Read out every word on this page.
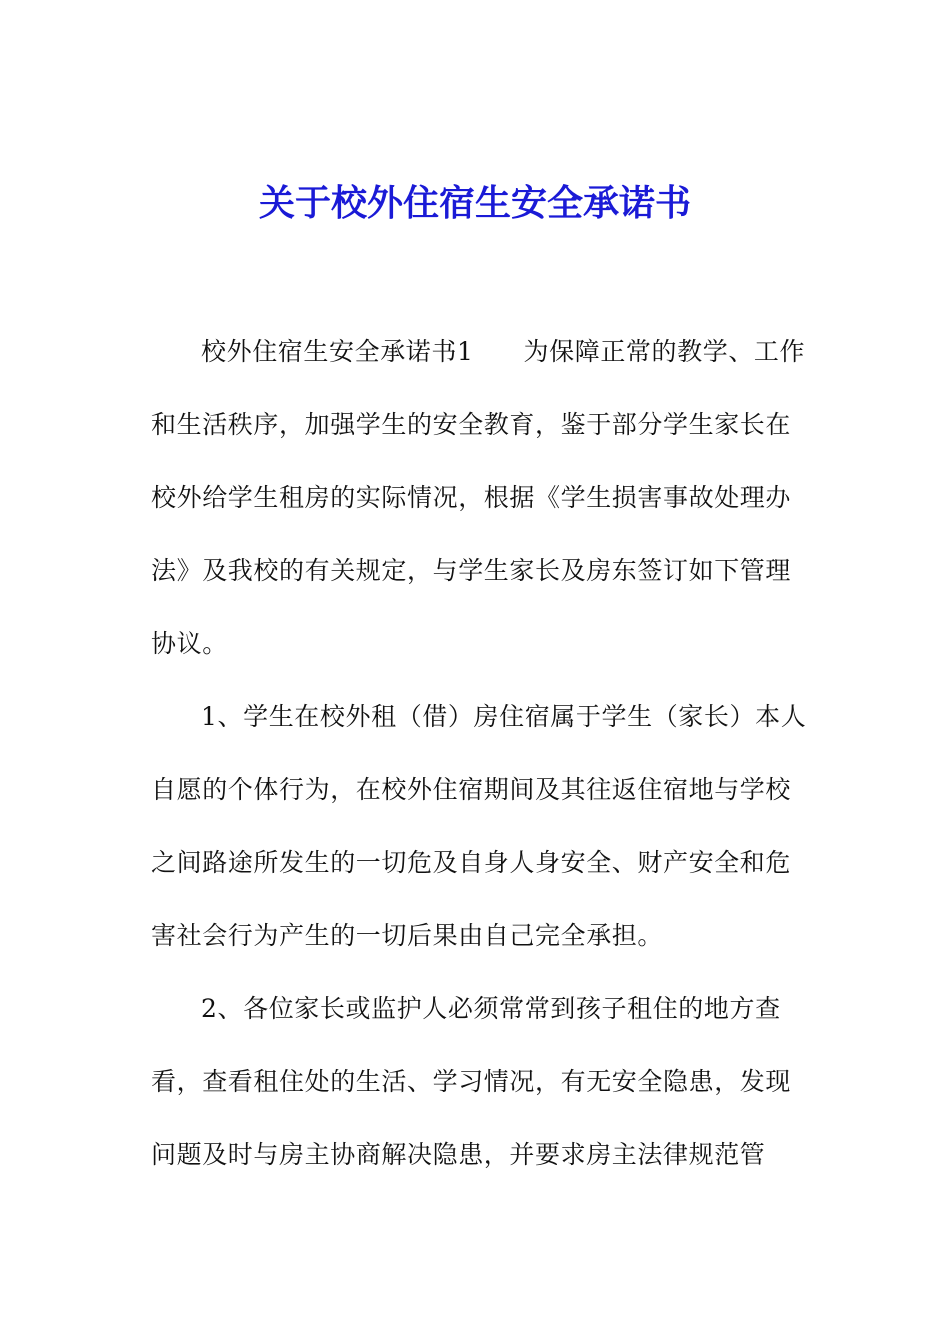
关于校外住宿生安全承诺书
校外住宿生安全承诺书1 为保障正常的教学、工作
和生活秩序，加强学生的安全教育，鉴于部分学生家长在
校外给学生租房的实际情况，根据《学生损害事故处理办
法》及我校的有关规定，与学生家长及房东签订如下管理
协议。
1、学生在校外租（借）房住宿属于学生（家长）本人
自愿的个体行为，在校外住宿期间及其往返住宿地与学校
之间路途所发生的一切危及自身人身安全、财产安全和危
害社会行为产生的一切后果由自己完全承担。
2、各位家长或监护人必须常常到孩子租住的地方查
看，查看租住处的生活、学习情况，有无安全隐患，发现
问题及时与房主协商解决隐患，并要求房主法律规范管
